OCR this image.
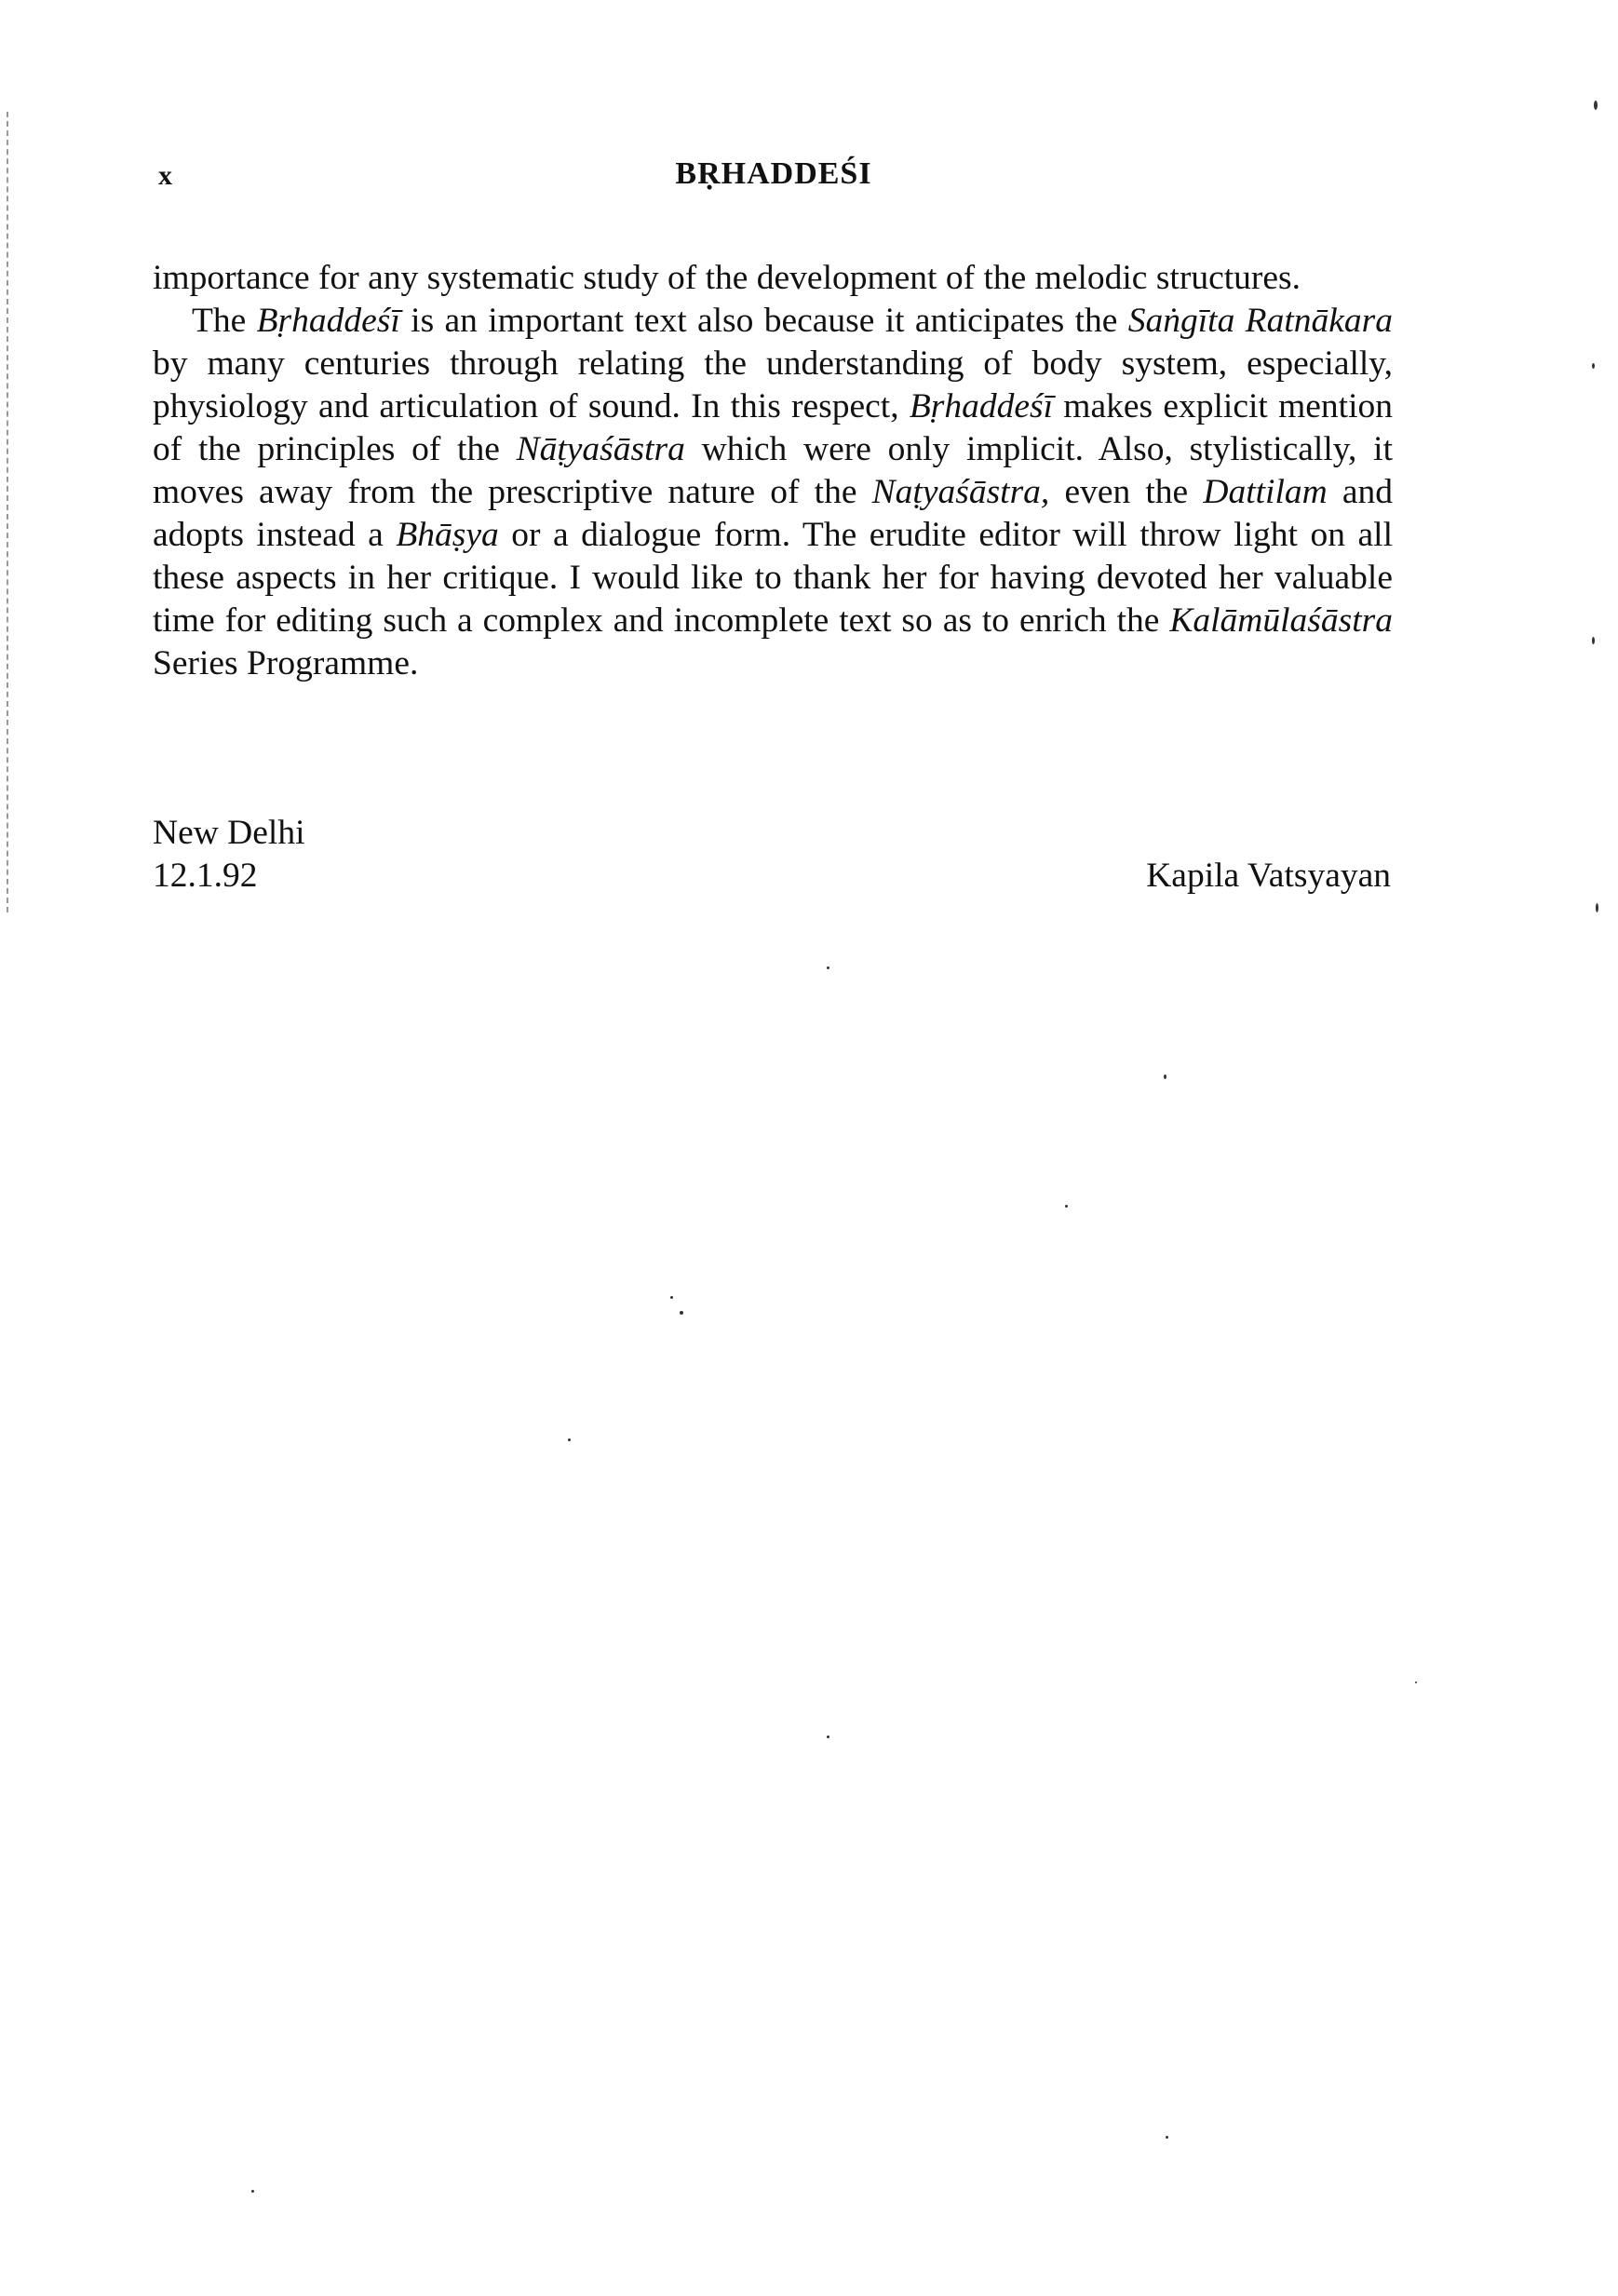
x	BṚHADDEŚI

importance for any systematic study of the development of the melodic structures.

The Bṛhaddeśī is an important text also because it anticipates the Saṅgīta Ratnākara by many centuries through relating the understanding of body system, especially, physiology and articulation of sound. In this respect, Bṛhaddeśī makes explicit mention of the principles of the Nāṭyaśāstra which were only implicit. Also, stylistically, it moves away from the prescriptive nature of the Naṭyaśāstra, even the Dattilam and adopts instead a Bhāṣya or a dialogue form. The erudite editor will throw light on all these aspects in her critique. I would like to thank her for having devoted her valuable time for editing such a complex and incomplete text so as to enrich the Kalāmūlaśāstra Series Programme.

New Delhi
12.1.92	Kapila Vatsyayan
